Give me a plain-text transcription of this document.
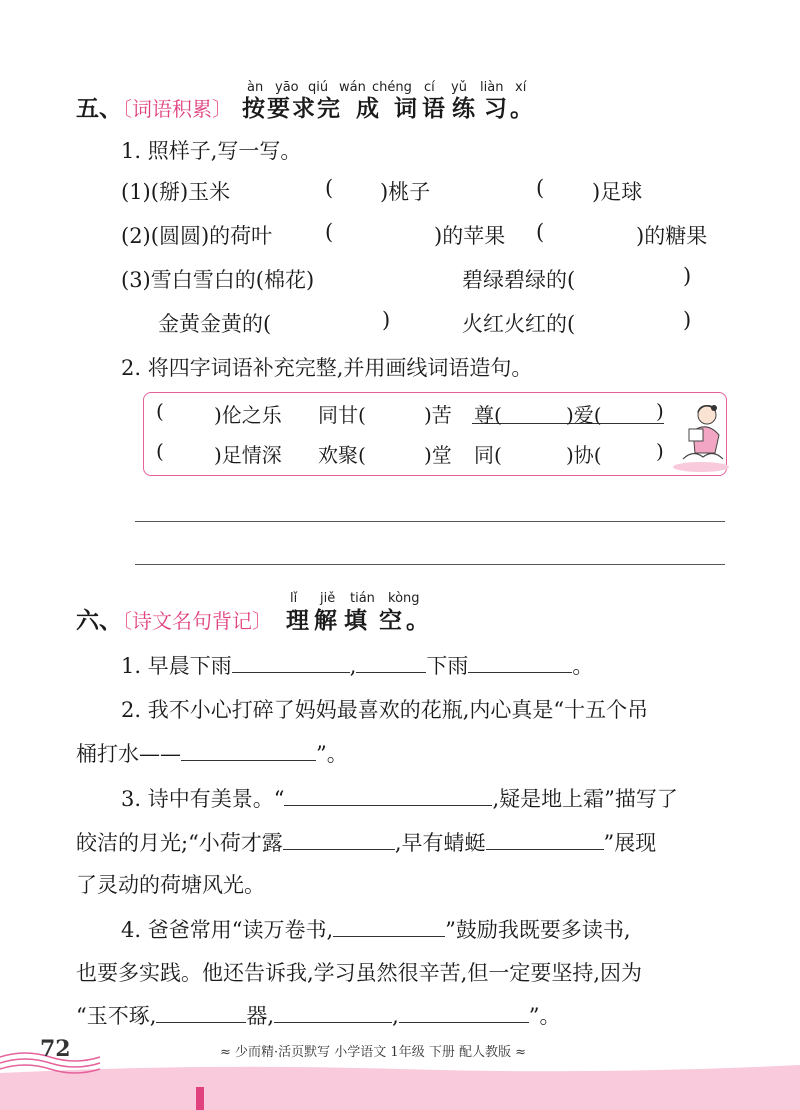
àn yāo qiú wán chéng cí yǔ liàn xí
五、〔词语积累〕 按 要 求 完 成 词 语 练 习 。
1. 照样子,写一写。
(1)(掰)玉米	( )桃子	( )足球
(2)(圆圆)的荷叶	(	)的苹果 (	)的糖果
(3)雪白雪白的(棉花)	碧绿碧绿的(	)
金黄金黄的(	)	火红火红的(	)
2. 将四字词语补充完整,并用画线词语造句。
(	)伦之乐 同甘(	)苦 尊(	)爱(	)
(	)足情深 欢聚(	)堂 同(	)协(	)
lǐ jiě tián kòng
六、〔诗文名句背记〕 理 解 填 空 。
1. 早晨下雨	,	下雨	。
2. 我不小心打碎了妈妈最喜欢的花瓶,内心真是“十五个吊
桶打水——	”。
3. 诗中有美景。“	,疑是地上霜”描写了
皎洁的月光;“小荷才露	,早有蜻蜓	”展现
了灵动的荷塘风光。
4. 爸爸常用“读万卷书,	”鼓励我既要多读书,
也要多实践。他还告诉我,学习虽然很辛苦,但一定要坚持,因为
“玉不琢,	器,	,	”。
72	≈ 少而精·活页默写 小学语文 1年级 下册 配人教版 ≈
